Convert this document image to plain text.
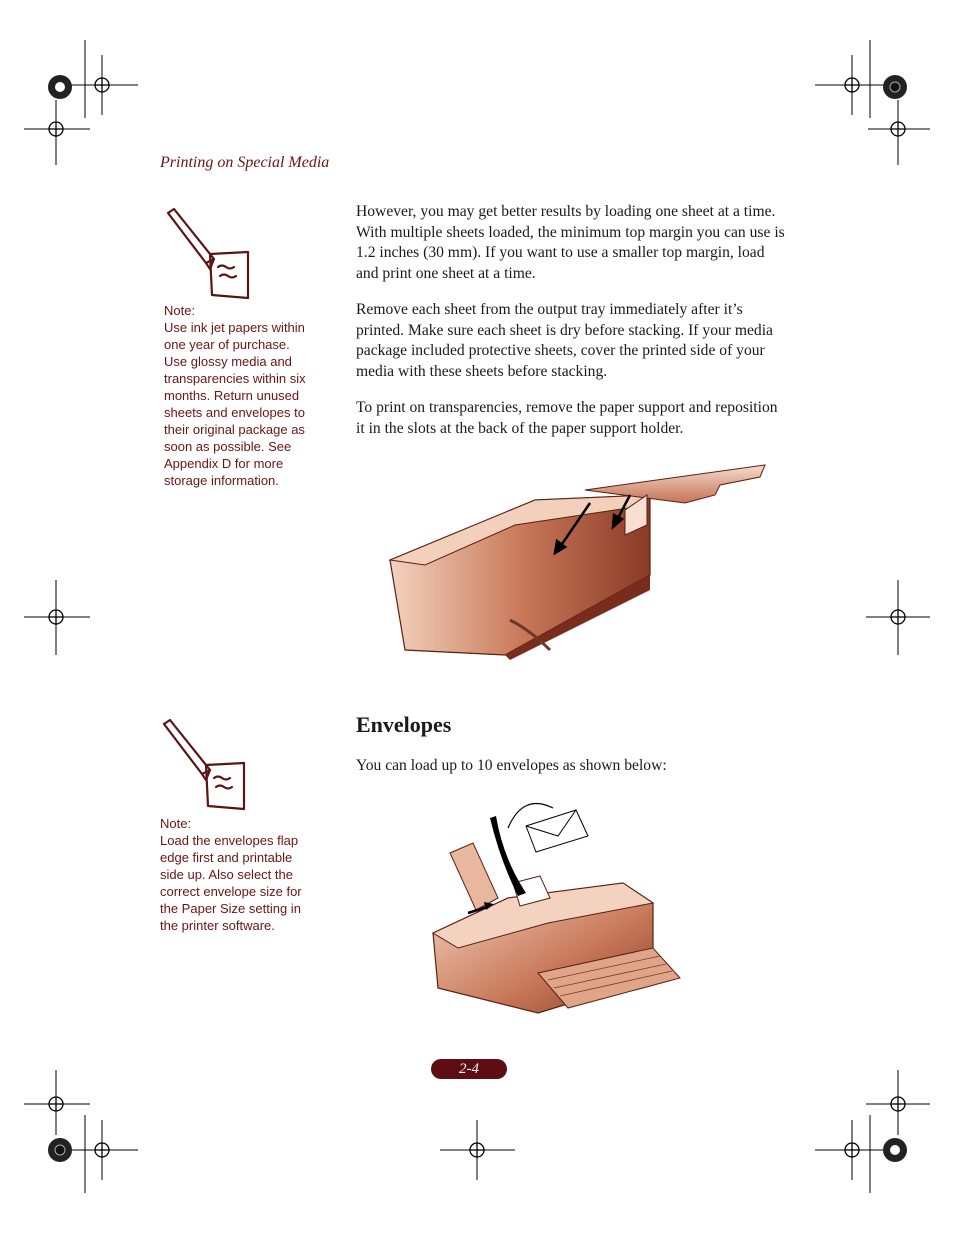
Printing on Special Media

However, you may get better results by loading one sheet at a time. With multiple sheets loaded, the minimum top margin you can use is 1.2 inches (30 mm). If you want to use a smaller top margin, load and print one sheet at a time.

Remove each sheet from the output tray immediately after it’s printed. Make sure each sheet is dry before stacking. If your media package included protective sheets, cover the printed side of your media with these sheets before stacking.

To print on transparencies, remove the paper support and reposition it in the slots at the back of the paper support holder.

Note:
Use ink jet papers within
one year of purchase.
Use glossy media and
transparencies within six
months. Return unused
sheets and envelopes to
their original package as
soon as possible. See
Appendix D for more
storage information.
Envelopes
You can load up to 10 envelopes as shown below:
Note:
Load the envelopes flap
edge first and printable
side up. Also select the
correct envelope size for
the Paper Size setting in
the printer software.
2-4
